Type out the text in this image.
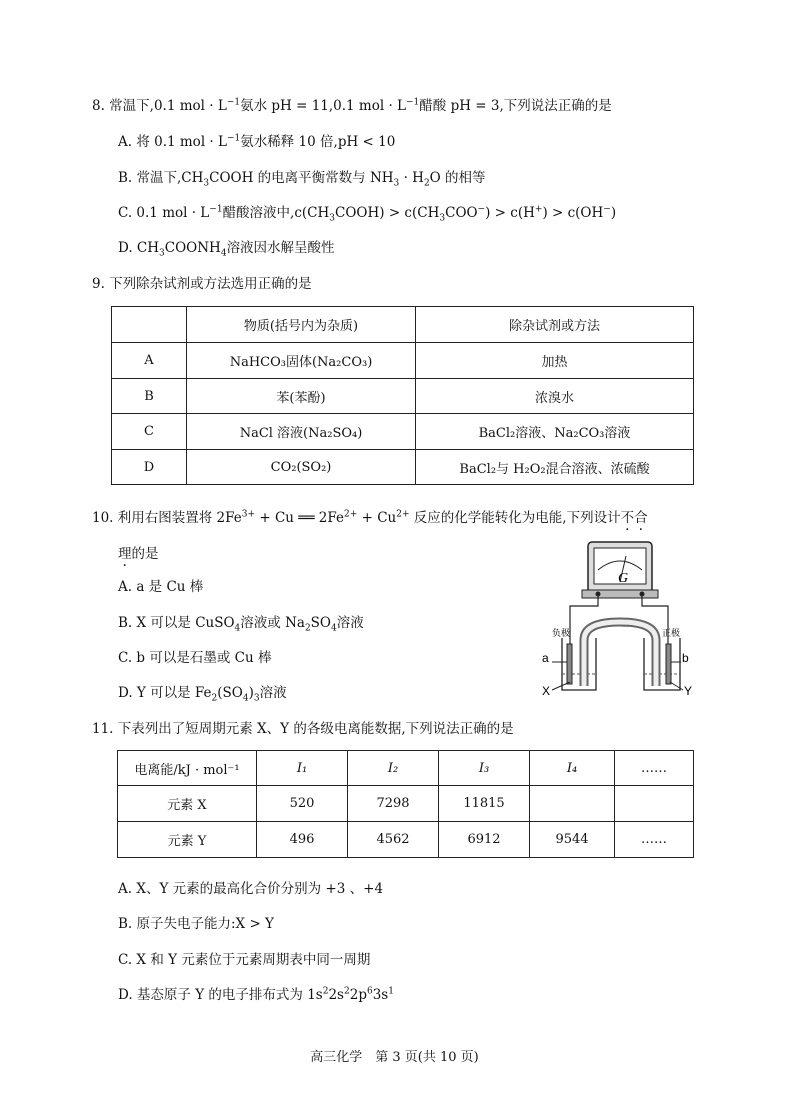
8. 常温下,0.1 mol · $L^{-1}$氨水 pH = 11,0.1 mol · $L^{-1}$醋酸 pH = 3,下列说法正确的是
A. 将 0.1 mol · $L^{-1}$氨水稀释 10 倍,pH < 10
B. 常温下$,CH_3COOH$ 的电离平衡常数与 $NH_3 \cdot H_2O$ 的相等
C. 0.1 mol · $L^{-1}$醋酸溶液中$,c(CH_3COOH) > c(CH_3COO^-) > c(H^+) > c(OH^-)$
D. $CH_3COONH_4$溶液因水解呈酸性
9. 下列除杂试剂或方法选用正确的是
	物质(括号内为杂质)	除杂试剂或方法
A	NaHCO₃固体(Na₂CO₃)	加热
B	苯(苯酚)	浓溴水
C	NaCl 溶液(Na₂SO₄)	BaCl₂溶液、Na₂CO₃溶液
D	CO₂(SO₂)	BaCl₂与 H₂O₂混合溶液、浓硫酸
10. 利用右图装置将 $2Fe^{3+} + Cu$ ══ $2Fe^{2+} + Cu^{2+}$ 反应的化学能转化为电能,下列设计不合
理的是
A. a 是 Cu 棒
B. X 可以是 CuSO$_4$溶液或 $Na_2SO_4$溶液
C. b 可以是石墨或 Cu 棒
D. Y 可以是 $Fe_2(SO_4)_3$溶液
G
负极	正极
盐桥
a	b
X	Y
11. 下表列出了短周期元素 X、Y 的各级电离能数据,下列说法正确的是
电离能/kJ · mol⁻¹	I₁	I₂	I₃	I₄	……
元素 X	520	7298	11815		
元素 Y	496	4562	6912	9544	……
A. X、Y 元素的最高化合价分别为 +3 、+4
B. 原子失电子能力:X > Y
C. X 和 Y 元素位于元素周期表中同一周期
D. 基态原子 Y 的电子排布式为 $1s^22s^22p^63s^1$
高三化学　第 3 页(共 10 页)
